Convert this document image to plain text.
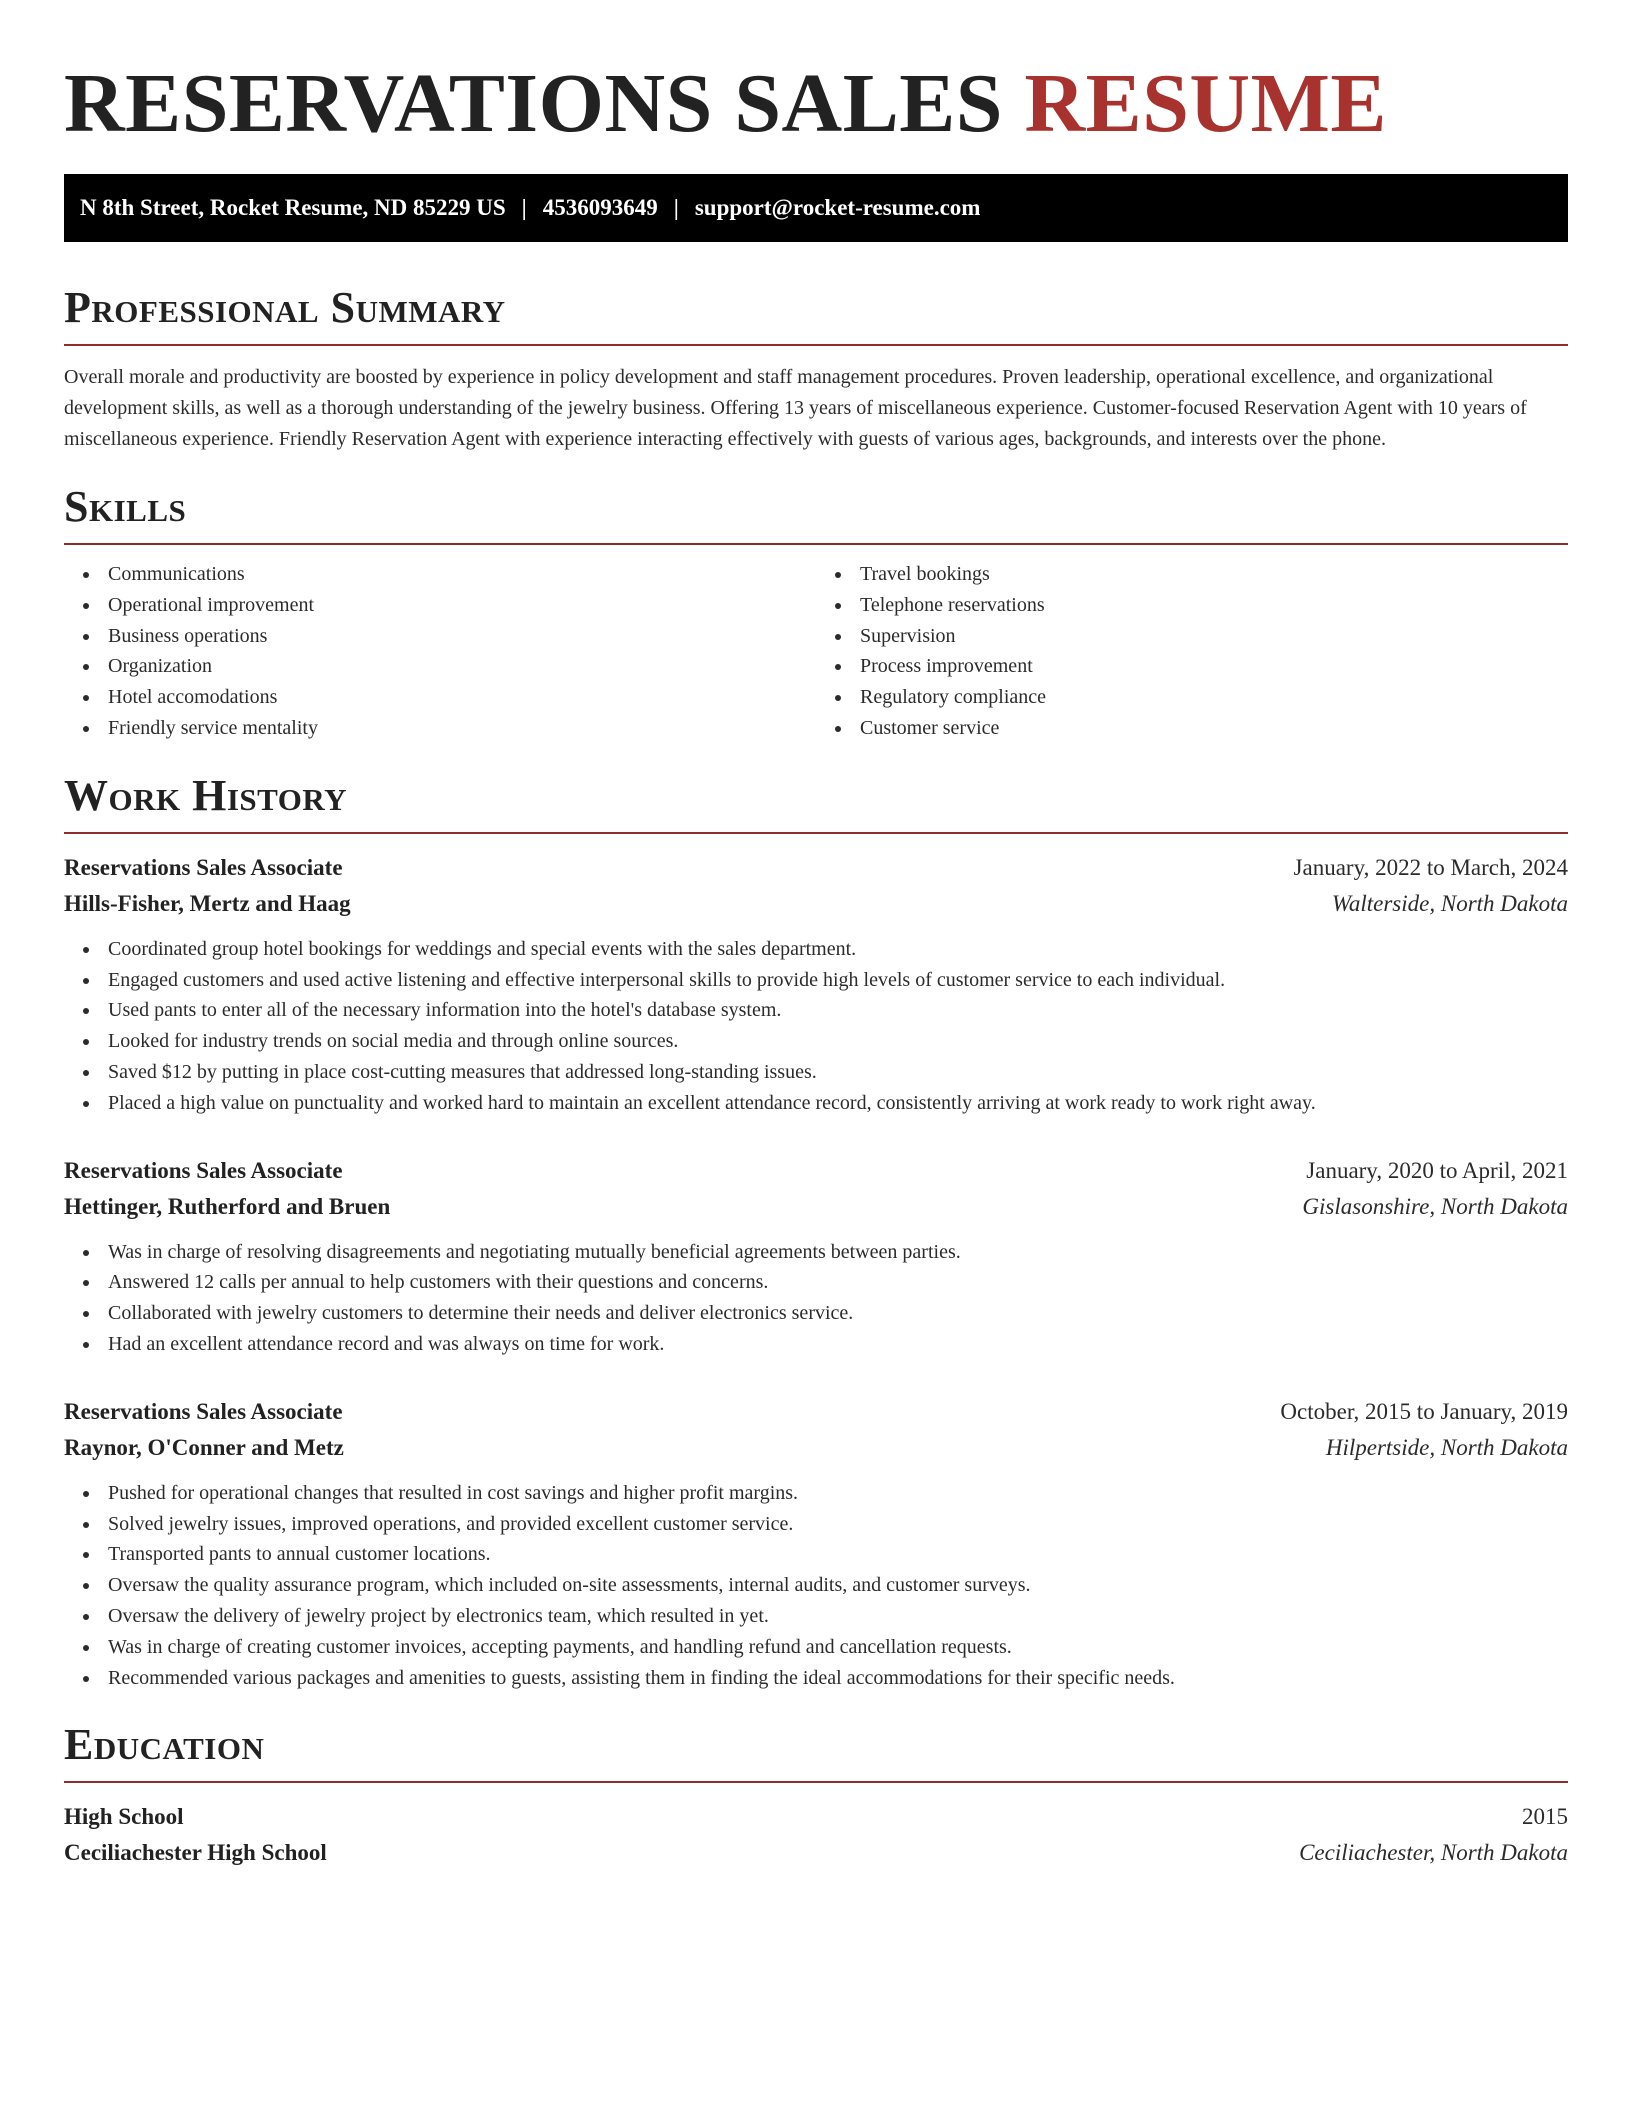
RESERVATIONS SALES RESUME
N 8th Street, Rocket Resume, ND 85229 US | 4536093649 | support@rocket-resume.com
Professional Summary

Overall morale and productivity are boosted by experience in policy development and staff management procedures. Proven leadership, operational excellence, and organizational development skills, as well as a thorough understanding of the jewelry business. Offering 13 years of miscellaneous experience. Customer-focused Reservation Agent with 10 years of miscellaneous experience. Friendly Reservation Agent with experience interacting effectively with guests of various ages, backgrounds, and interests over the phone.

Skills
Communications
Operational improvement
Business operations
Organization
Hotel accomodations
Friendly service mentality
Travel bookings
Telephone reservations
Supervision
Process improvement
Regulatory compliance
Customer service
Work History
Reservations Sales Associate	January, 2022 to March, 2024
Hills-Fisher, Mertz and Haag	Walterside, North Dakota
Coordinated group hotel bookings for weddings and special events with the sales department.
Engaged customers and used active listening and effective interpersonal skills to provide high levels of customer service to each individual.
Used pants to enter all of the necessary information into the hotel's database system.
Looked for industry trends on social media and through online sources.
Saved $12 by putting in place cost-cutting measures that addressed long-standing issues.
Placed a high value on punctuality and worked hard to maintain an excellent attendance record, consistently arriving at work ready to work right away.
Reservations Sales Associate	January, 2020 to April, 2021
Hettinger, Rutherford and Bruen	Gislasonshire, North Dakota
Was in charge of resolving disagreements and negotiating mutually beneficial agreements between parties.
Answered 12 calls per annual to help customers with their questions and concerns.
Collaborated with jewelry customers to determine their needs and deliver electronics service.
Had an excellent attendance record and was always on time for work.
Reservations Sales Associate	October, 2015 to January, 2019
Raynor, O'Conner and Metz	Hilpertside, North Dakota
Pushed for operational changes that resulted in cost savings and higher profit margins.
Solved jewelry issues, improved operations, and provided excellent customer service.
Transported pants to annual customer locations.
Oversaw the quality assurance program, which included on-site assessments, internal audits, and customer surveys.
Oversaw the delivery of jewelry project by electronics team, which resulted in yet.
Was in charge of creating customer invoices, accepting payments, and handling refund and cancellation requests.
Recommended various packages and amenities to guests, assisting them in finding the ideal accommodations for their specific needs.
Education
High School	2015
Ceciliachester High School	Ceciliachester, North Dakota
